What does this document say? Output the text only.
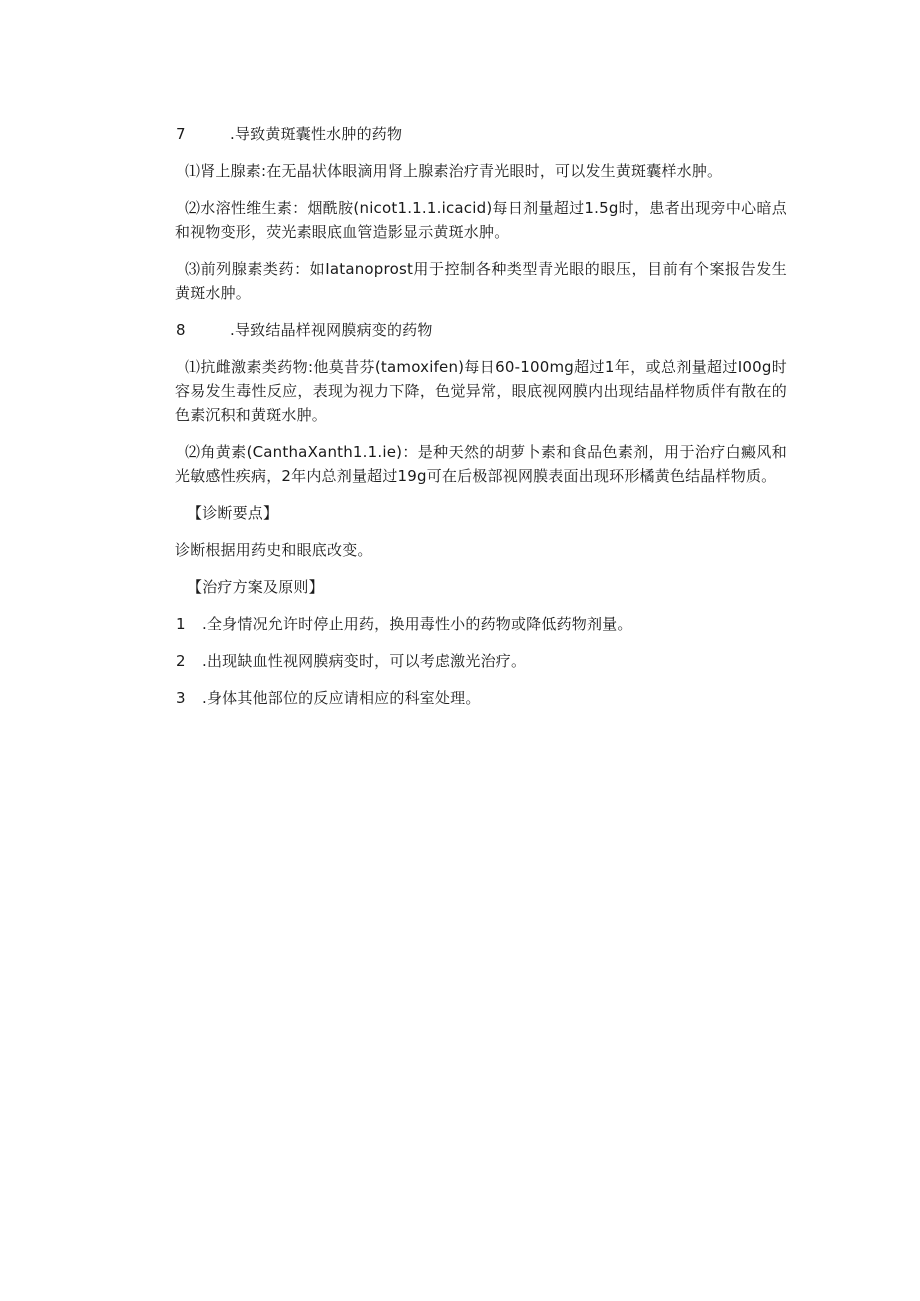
7	.导致黄斑囊性水肿的药物

⑴肾上腺素:在无晶状体眼滴用肾上腺素治疗青光眼时，可以发生黄斑囊样水肿。

⑵水溶性维生素：烟酰胺(nicot1.1.1.icacid)每日剂量超过1.5g时，患者出现旁中心暗点和视物变形，荧光素眼底血管造影显示黄斑水肿。

⑶前列腺素类药：如Iatanoprost用于控制各种类型青光眼的眼压，目前有个案报告发生黄斑水肿。

8	.导致结晶样视网膜病变的药物

⑴抗雌激素类药物:他莫昔芬(tamoxifen)每日60-100mg超过1年，或总剂量超过I00g时容易发生毒性反应，表现为视力下降，色觉异常，眼底视网膜内出现结晶样物质伴有散在的色素沉积和黄斑水肿。

⑵角黄素(CanthaXanth1.1.ie)：是种天然的胡萝卜素和食品色素剂，用于治疗白癜风和光敏感性疾病，2年内总剂量超过19g可在后极部视网膜表面出现环形橘黄色结晶样物质。

【诊断要点】
诊断根据用药史和眼底改变。
【治疗方案及原则】
1	.全身情况允许时停止用药，换用毒性小的药物或降低药物剂量。
2	.出现缺血性视网膜病变时，可以考虑激光治疗。
3	.身体其他部位的反应请相应的科室处理。
